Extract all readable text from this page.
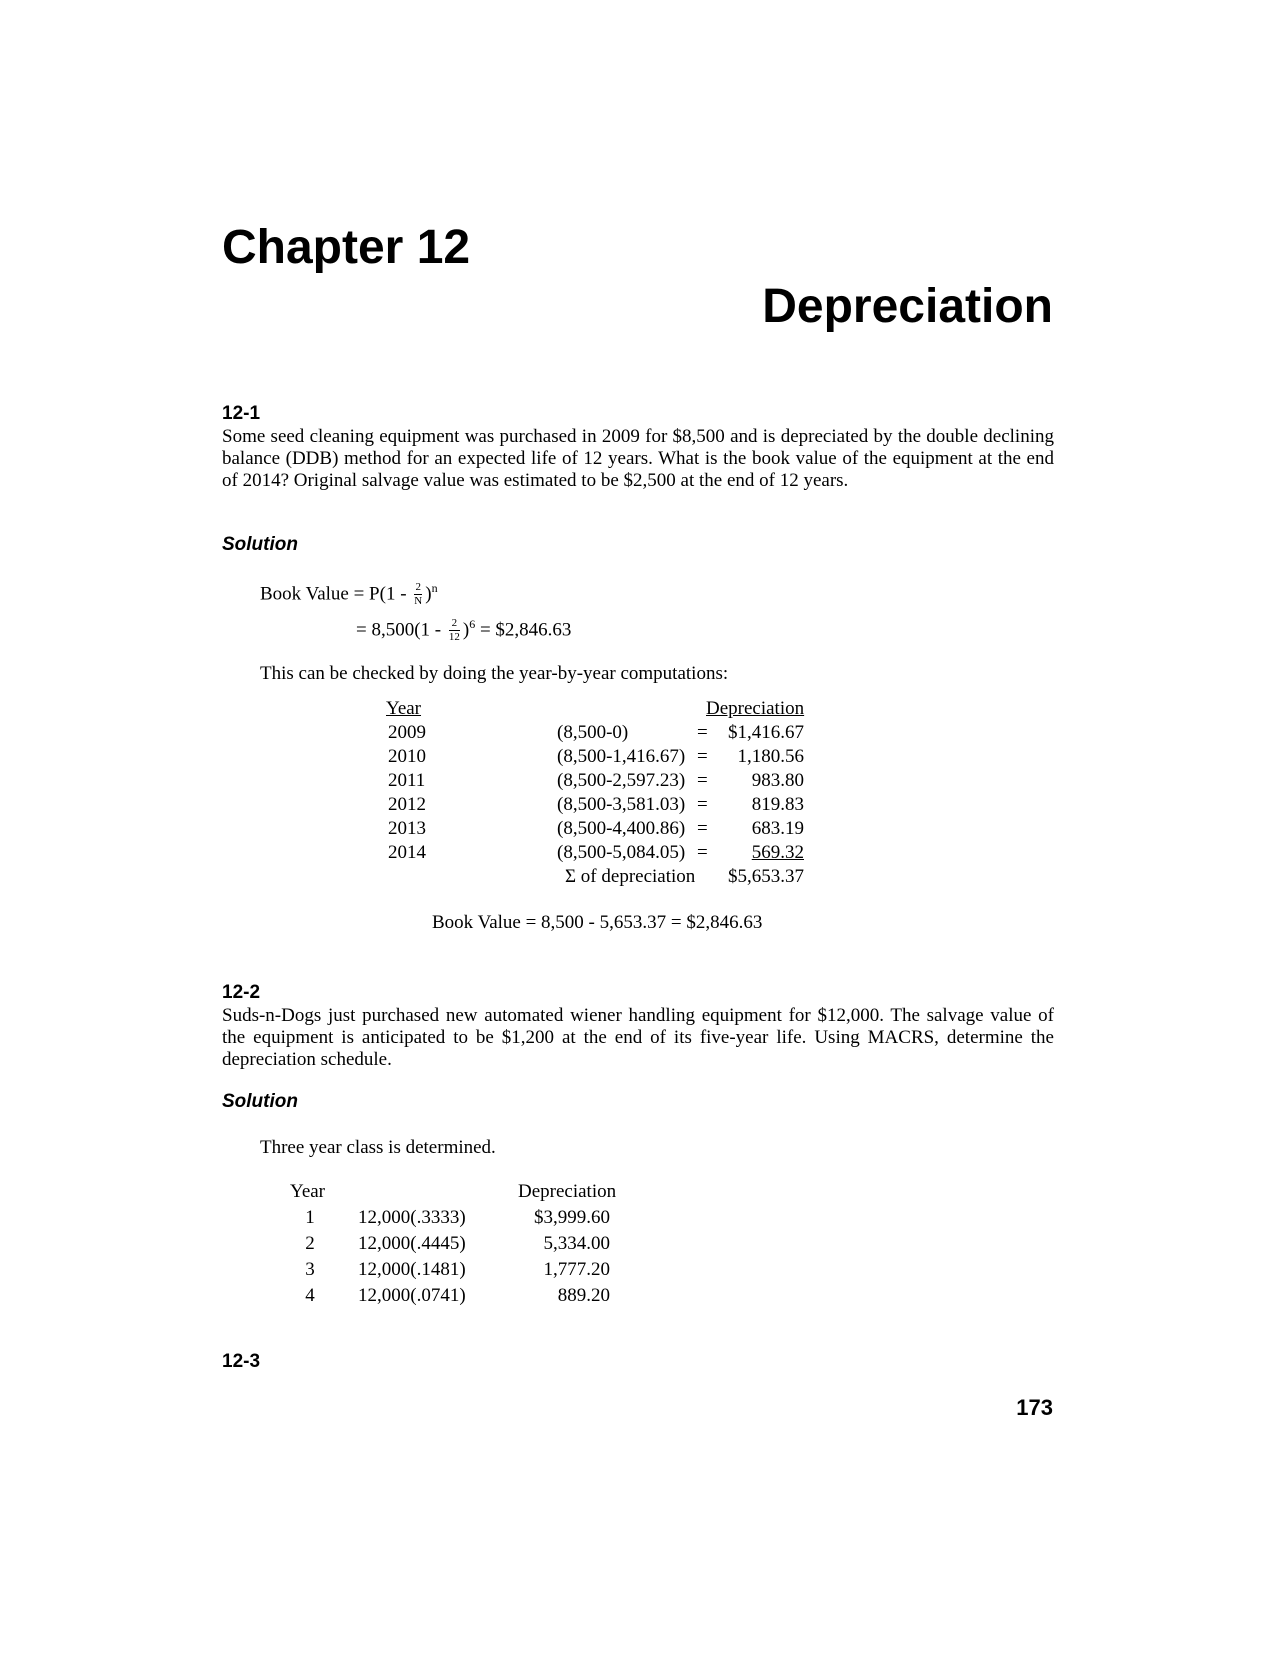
Chapter 12
Depreciation
12-1
Some seed cleaning equipment was purchased in 2009 for $8,500 and is depreciated by the double declining balance (DDB) method for an expected life of 12 years. What is the book value of the equipment at the end of 2014? Original salvage value was estimated to be $2,500 at the end of 12 years.
Solution
Book Value = $P(1 - \frac{2}{N} )^n$
= $8,500(1 - \frac{2}{12} )^6$ = $2,846.63
This can be checked by doing the year-by-year computations:
Year	Depreciation
2009	(8,500-0)	= $1,416.67
2010	(8,500-1,416.67) = 1,180.56
2011	(8,500-2,597.23) = 983.80
2012	(8,500-3,581.03) = 819.83
2013	(8,500-4,400.86) = 683.19
2014	(8,500-5,084.05) =	569.32
Σ of depreciation $5,653.37
Book Value = 8,500 - 5,653.37 = $2,846.63
12-2
Suds-n-Dogs just purchased new automated wiener handling equipment for $12,000. The salvage value of the equipment is anticipated to be $1,200 at the end of its five-year life. Using MACRS, determine the depreciation schedule.
Solution
Three year class is determined.
Year	Depreciation
1 12,000(.3333)	$3,999.60
2 12,000(.4445)	5,334.00
3 12,000(.1481)	1,777.20
4 12,000(.0741)	889.20
12-3
173
